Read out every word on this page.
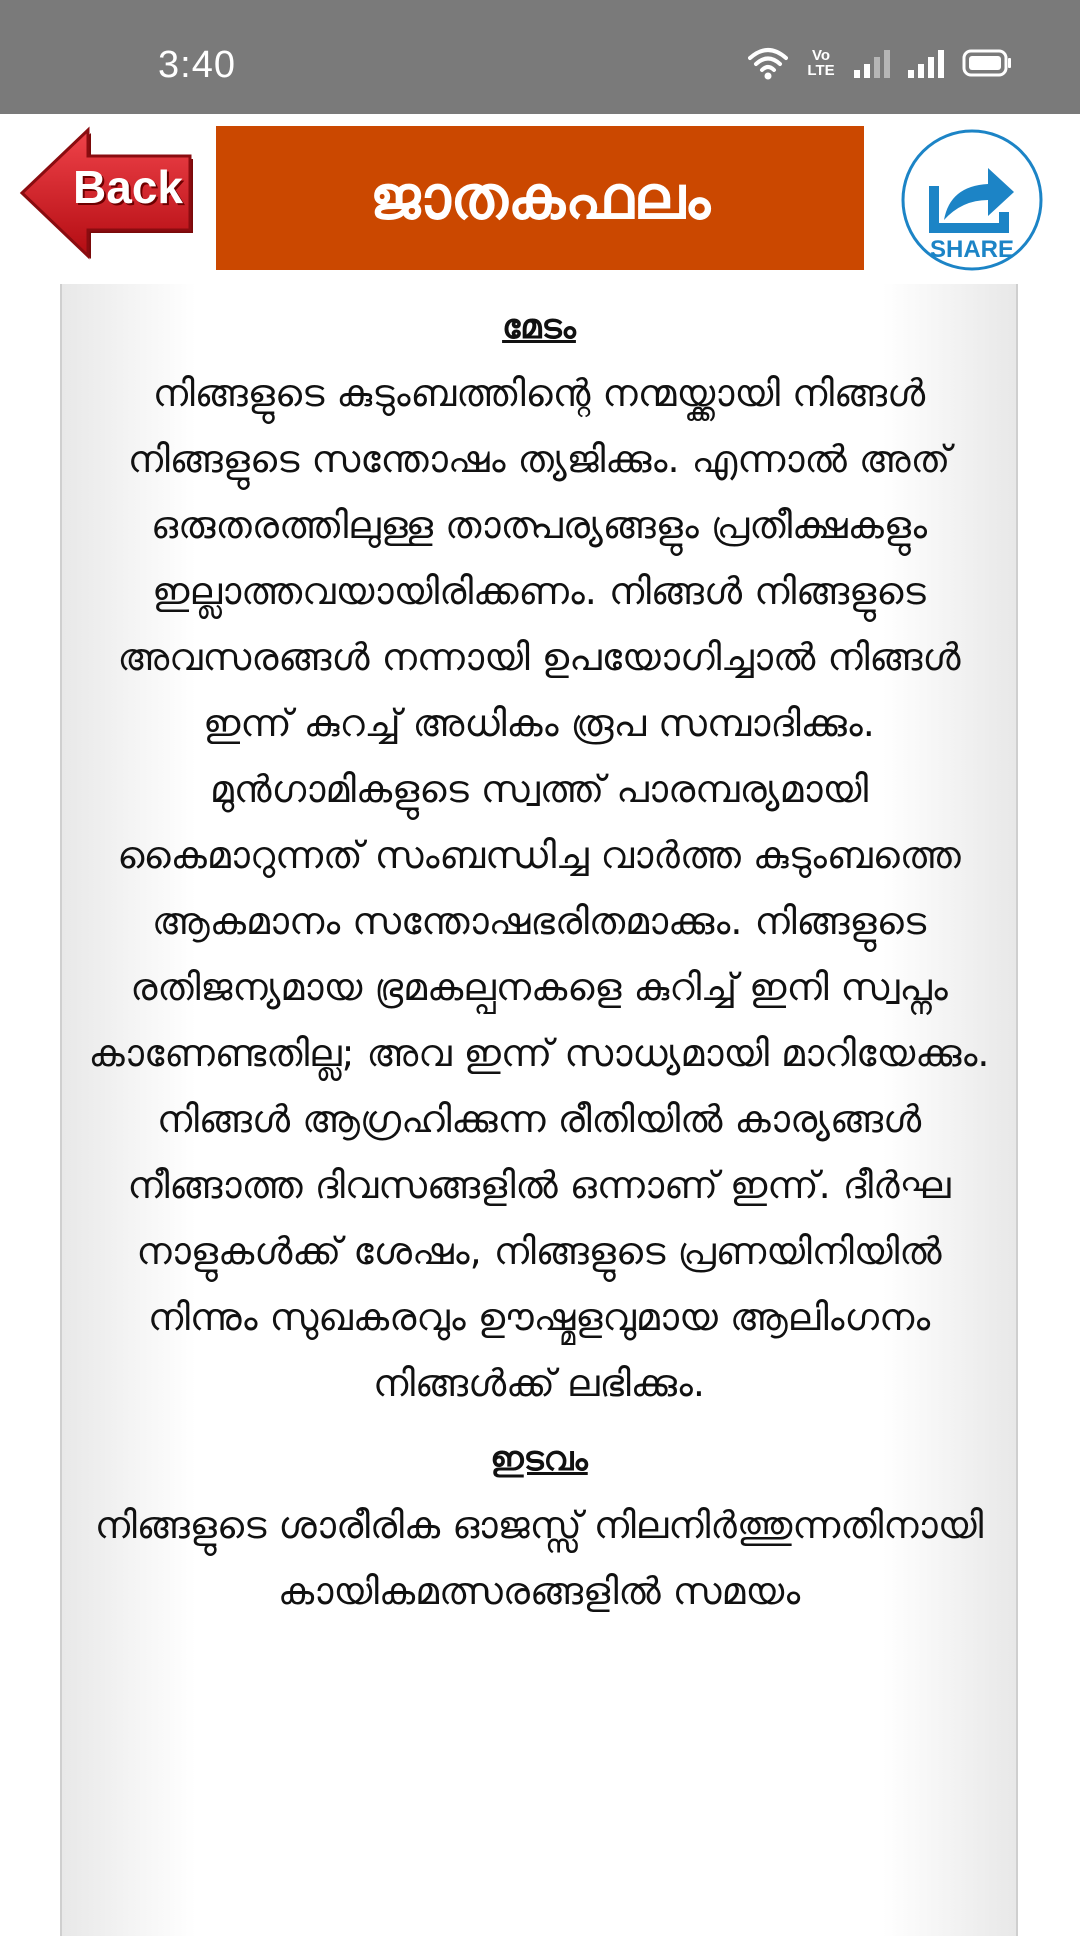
3:40	Vo LTE
Back	ജാതകഫലം
SHARE
മേടം
നിങ്ങളുടെ കുടുംബത്തിന്റെ നന്മയ്ക്കായി നിങ്ങൾ നിങ്ങളുടെ സന്തോഷം ത്യജിക്കും. എന്നാൽ അത് ഒരുതരത്തിലുള്ള താത്പര്യങ്ങളും പ്രതീക്ഷകളും ഇല്ലാത്തവയായിരിക്കണം. നിങ്ങൾ നിങ്ങളുടെ അവസരങ്ങൾ നന്നായി ഉപയോഗിച്ചാൽ നിങ്ങൾ ഇന്ന് കുറച്ച് അധികം രൂപ സമ്പാദിക്കും. മുൻഗാമികളുടെ സ്വത്ത് പാരമ്പര്യമായി കൈമാറുന്നത് സംബന്ധിച്ച വാർത്ത കുടുംബത്തെ ആകമാനം സന്തോഷഭരിതമാക്കും. നിങ്ങളുടെ രതിജന്യമായ ഭ്രമകല്പനകളെ കുറിച്ച് ഇനി സ്വപ്നം കാണേണ്ടതില്ല; അവ ഇന്ന് സാധ്യമായി മാറിയേക്കും. നിങ്ങൾ ആഗ്രഹിക്കുന്ന രീതിയിൽ കാര്യങ്ങൾ നീങ്ങാത്ത ദിവസങ്ങളിൽ ഒന്നാണ് ഇന്ന്. ദീർഘ നാളുകൾക്ക് ശേഷം, നിങ്ങളുടെ പ്രണയിനിയിൽ നിന്നും സുഖകരവും ഊഷ്മളവുമായ ആലിംഗനം നിങ്ങൾക്ക് ലഭിക്കും.
ഇടവം
നിങ്ങളുടെ ശാരീരിക ഓജസ്സ് നിലനിർത്തുന്നതിനായി കായികമത്സരങ്ങളിൽ സമയം
